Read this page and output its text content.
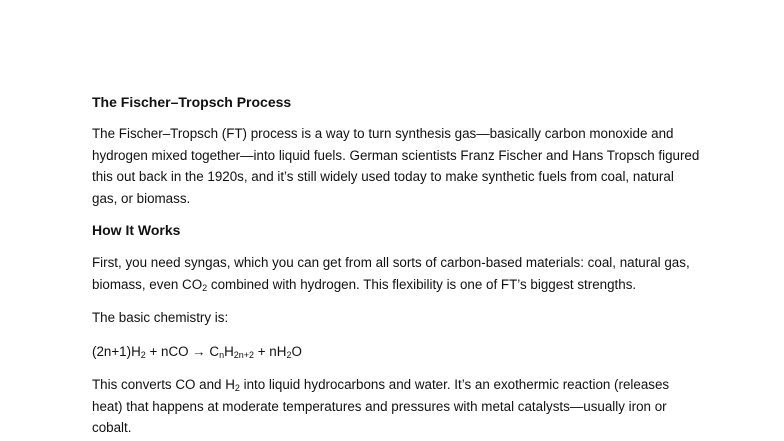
The Fischer–Tropsch Process

The Fischer–Tropsch (FT) process is a way to turn synthesis gas—basically carbon monoxide and hydrogen mixed together—into liquid fuels. German scientists Franz Fischer and Hans Tropsch figured this out back in the 1920s, and it’s still widely used today to make synthetic fuels from coal, natural gas, or biomass.

How It Works

First, you need syngas, which you can get from all sorts of carbon-based materials: coal, natural gas, biomass, even $CO_2$ combined with hydrogen. This flexibility is one of FT’s biggest strengths.

The basic chemistry is:

$(2n+1)H_2$ + nCO → $C_nH_{2n+2} + nH_2O$

This converts CO and $H_2$ into liquid hydrocarbons and water. It’s an exothermic reaction (releases heat) that happens at moderate temperatures and pressures with metal catalysts—usually iron or cobalt.
